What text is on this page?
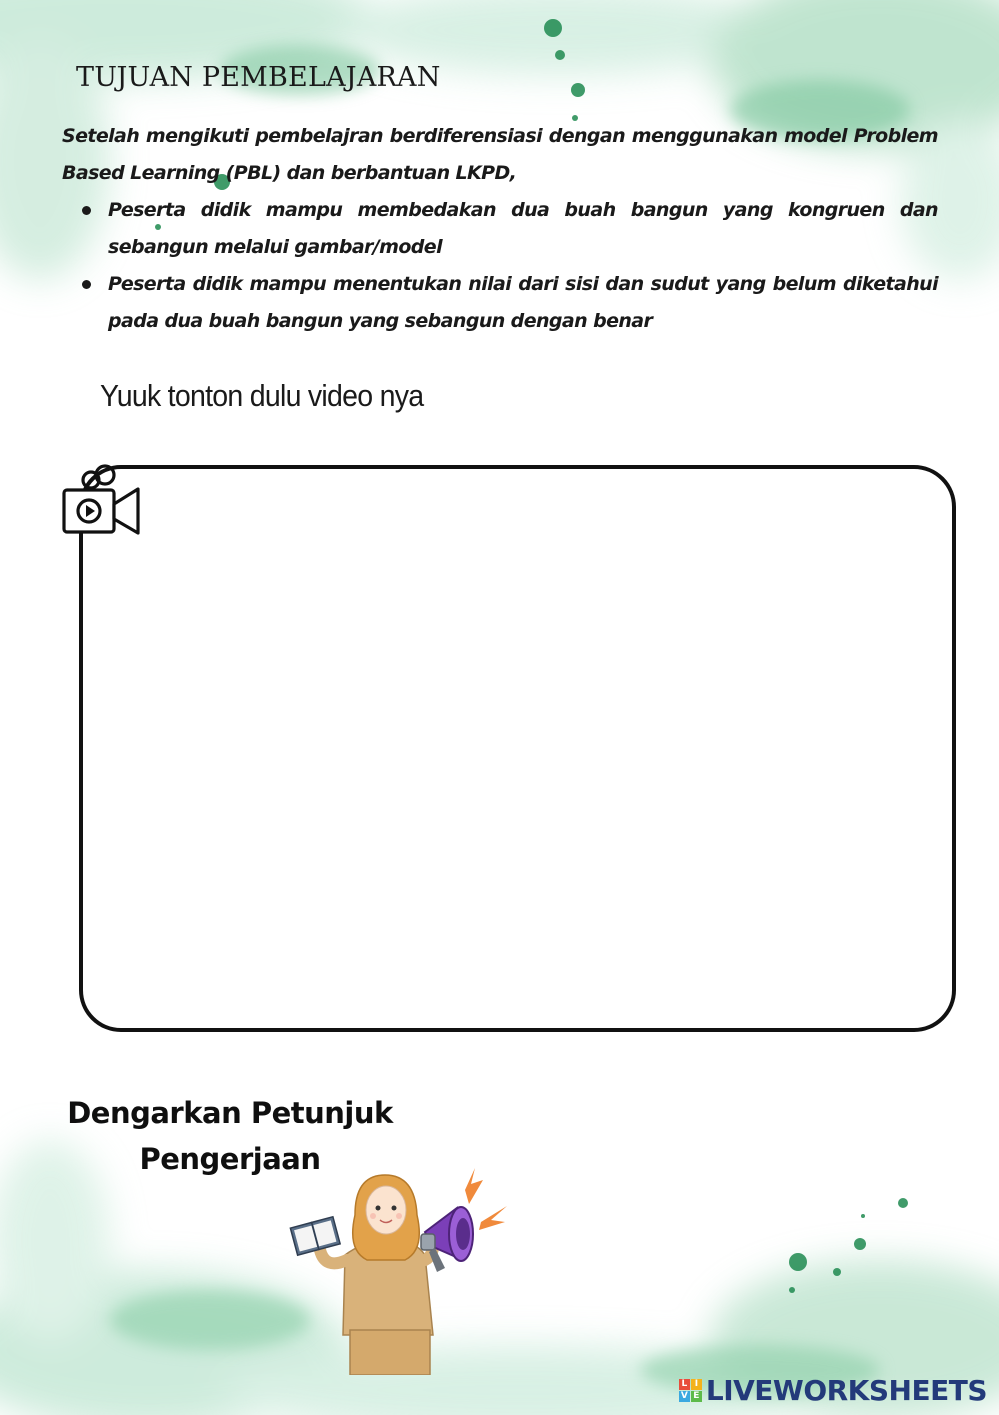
TUJUAN PEMBELAJARAN

Setelah mengikuti pembelajran berdiferensiasi dengan menggunakan model Problem Based Learning (PBL) dan berbantuan LKPD,

Peserta didik mampu membedakan dua buah bangun yang kongruen dan sebangun melalui gambar/model
Peserta didik mampu menentukan nilai dari sisi dan sudut yang belum diketahui pada dua buah bangun yang sebangun dengan benar
Yuuk tonton dulu video nya
Dengarkan Petunjuk
Pengerjaan
L I
V E LIVEWORKSHEETS
